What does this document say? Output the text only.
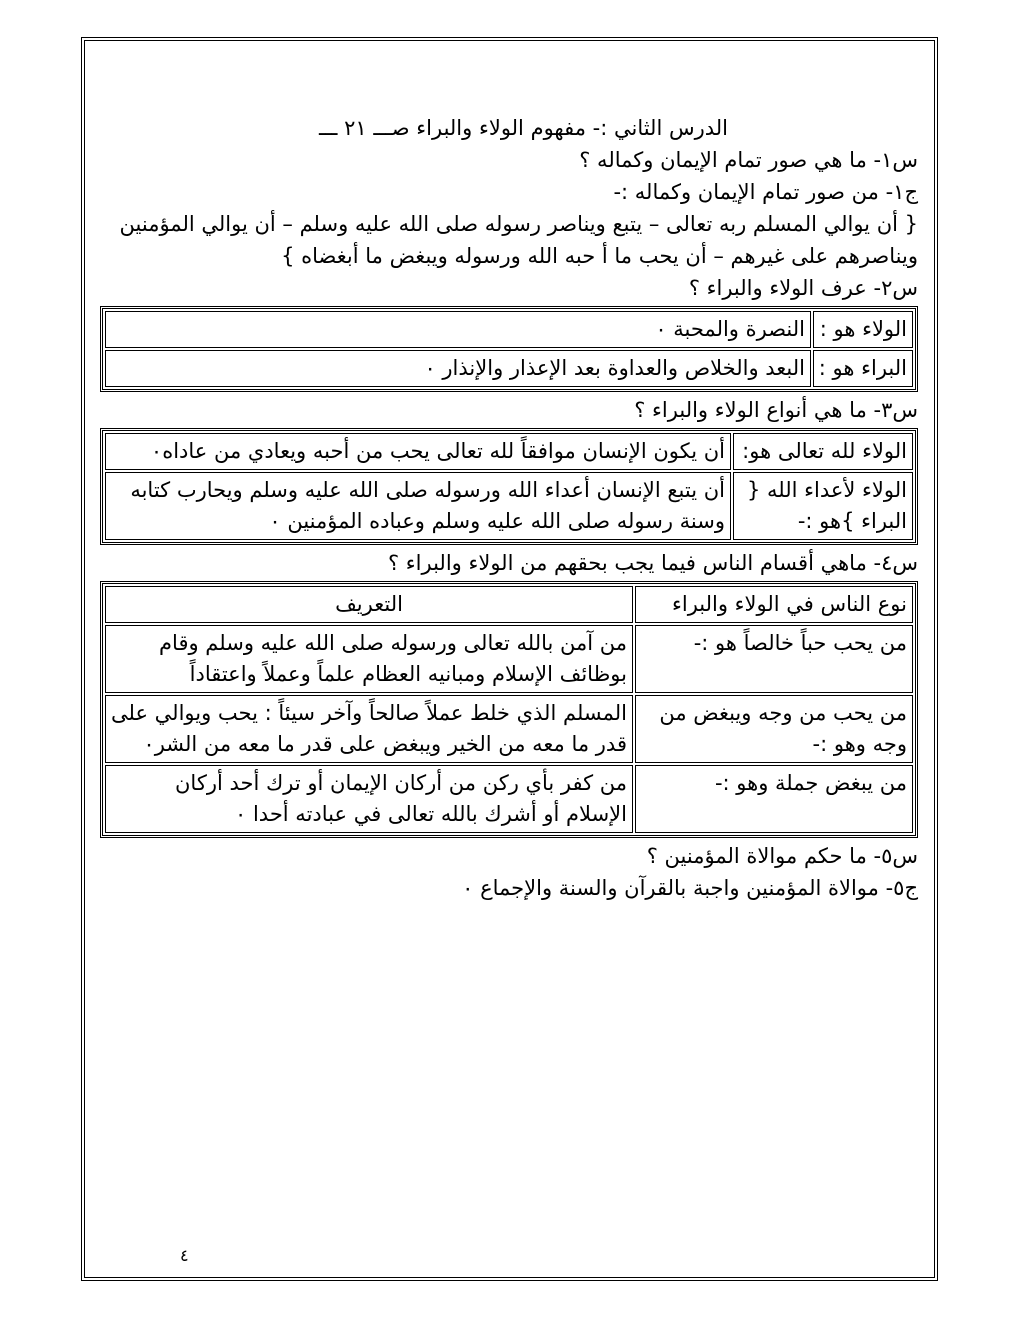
الدرس الثاني :- مفهوم الولاء والبراء صـــ ٢١ ـــ
س١- ما هي صور تمام الإيمان وكماله ؟
ج١- من صور تمام الإيمان وكماله :-
{ أن يوالي المسلم ربه تعالى – يتبع ويناصر رسوله صلى الله عليه وسلم – أن يوالي المؤمنين ويناصرهم على غيرهم – أن يحب ما أ حبه الله ورسوله ويبغض ما أبغضاه }
س٢- عرف الولاء والبراء ؟
الولاء هو :	النصرة والمحبة ٠
البراء هو :	البعد والخلاص والعداوة بعد الإعذار والإنذار ٠
س٣- ما هي أنواع الولاء والبراء ؟
الولاء لله تعالى هو:	أن يكون الإنسان موافقاً لله تعالى يحب من أحبه ويعادي من عاداه٠
الولاء لأعداء الله { البراء }هو :-	أن يتبع الإنسان أعداء الله ورسوله صلى الله عليه وسلم ويحارب كتابه وسنة رسوله صلى الله عليه وسلم وعباده المؤمنين ٠
س٤- ماهي أقسام الناس فيما يجب بحقهم من الولاء والبراء ؟
نوع الناس في الولاء والبراء	التعريف
من يحب حباً خالصاً هو :-	من آمن بالله تعالى ورسوله صلى الله عليه وسلم وقام بوظائف الإسلام ومبانيه العظام علماً وعملاً واعتقاداً
من يحب من وجه ويبغض من وجه وهو :-	المسلم الذي خلط عملاً صالحاً وآخر سيئاً : يحب ويوالي على قدر ما معه من الخير ويبغض على قدر ما معه من الشر٠
من يبغض جملة وهو :-	من كفر بأي ركن من أركان الإيمان أو ترك أحد أركان الإسلام أو أشرك بالله تعالى في عبادته أحدا ٠
س٥- ما حكم موالاة المؤمنين ؟
ج٥- موالاة المؤمنين واجبة بالقرآن والسنة والإجماع ٠
٤
